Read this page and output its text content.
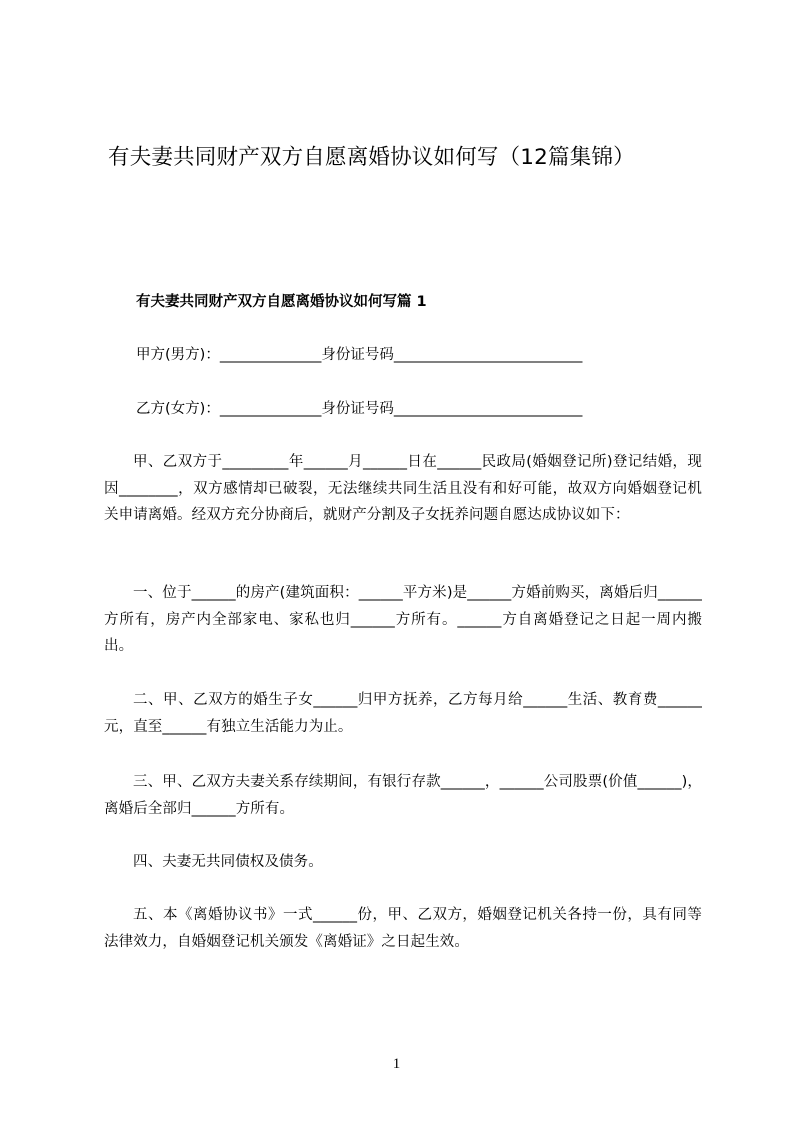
有夫妻共同财产双方自愿离婚协议如何写（12篇集锦）
有夫妻共同财产双方自愿离婚协议如何写篇 1
甲方(男方)：______________身份证号码__________________________
乙方(女方)：______________身份证号码__________________________
甲、乙双方于_________年______月______日在______民政局(婚姻登记所)登记结婚，现因________，双方感情却已破裂，无法继续共同生活且没有和好可能，故双方向婚姻登记机关申请离婚。经双方充分协商后，就财产分割及子女抚养问题自愿达成协议如下：
一、位于______的房产(建筑面积：______平方米)是______方婚前购买，离婚后归______方所有，房产内全部家电、家私也归______方所有。______方自离婚登记之日起一周内搬出。
二、甲、乙双方的婚生子女______归甲方抚养，乙方每月给______生活、教育费______元，直至______有独立生活能力为止。
三、甲、乙双方夫妻关系存续期间，有银行存款______，______公司股票(价值______)，离婚后全部归______方所有。
四、夫妻无共同债权及债务。
五、本《离婚协议书》一式______份，甲、乙双方，婚姻登记机关各持一份，具有同等法律效力，自婚姻登记机关颁发《离婚证》之日起生效。
1
